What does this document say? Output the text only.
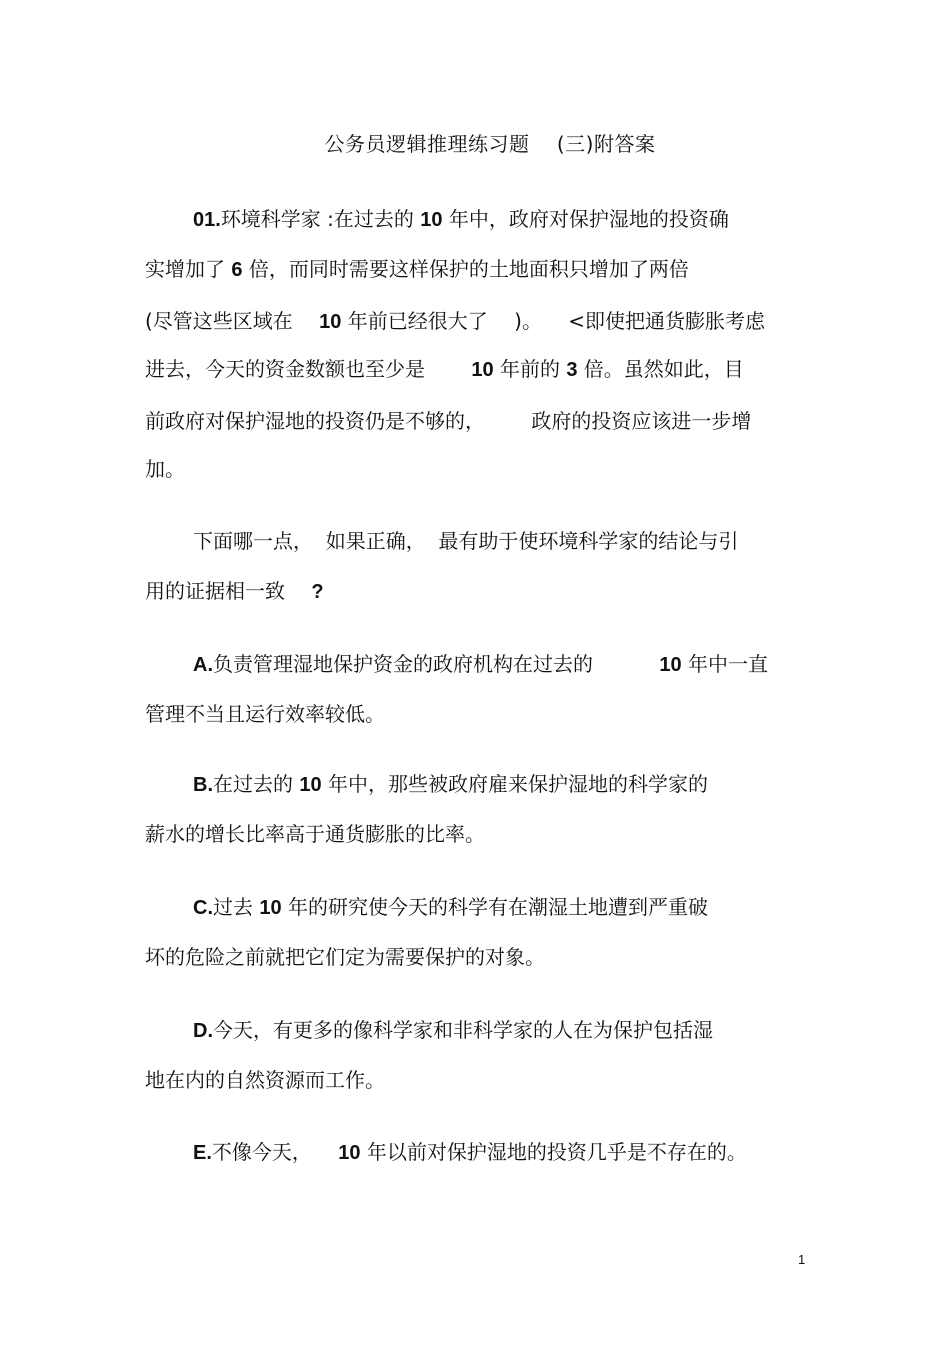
公务员逻辑推理练习题 　(三)附答案
01.环境科学家 :在过去的 10 年中，政府对保护湿地的投资确
实增加了 6 倍，而同时需要这样保护的土地面积只增加了两倍
(尽管这些区域在 　10 年前已经很大了 　)。 　<即使把通货膨胀考虑
进去，今天的资金数额也至少是 　　10 年前的 3 倍。虽然如此，目
前政府对保护湿地的投资仍是不够的， 　　政府的投资应该进一步增
加。
下面哪一点，  如果正确，  最有助于使环境科学家的结论与引
用的证据相一致 　?
A.负责管理湿地保护资金的政府机构在过去的 　　　10 年中一直
管理不当且运行效率较低。
B.在过去的 10 年中，那些被政府雇来保护湿地的科学家的
薪水的增长比率高于通货膨胀的比率。
C.过去 10 年的研究使今天的科学有在潮湿土地遭到严重破
坏的危险之前就把它们定为需要保护的对象。
D.今天，有更多的像科学家和非科学家的人在为保护包括湿
地在内的自然资源而工作。
E.不像今天， 　10 年以前对保护湿地的投资几乎是不存在的。
1
